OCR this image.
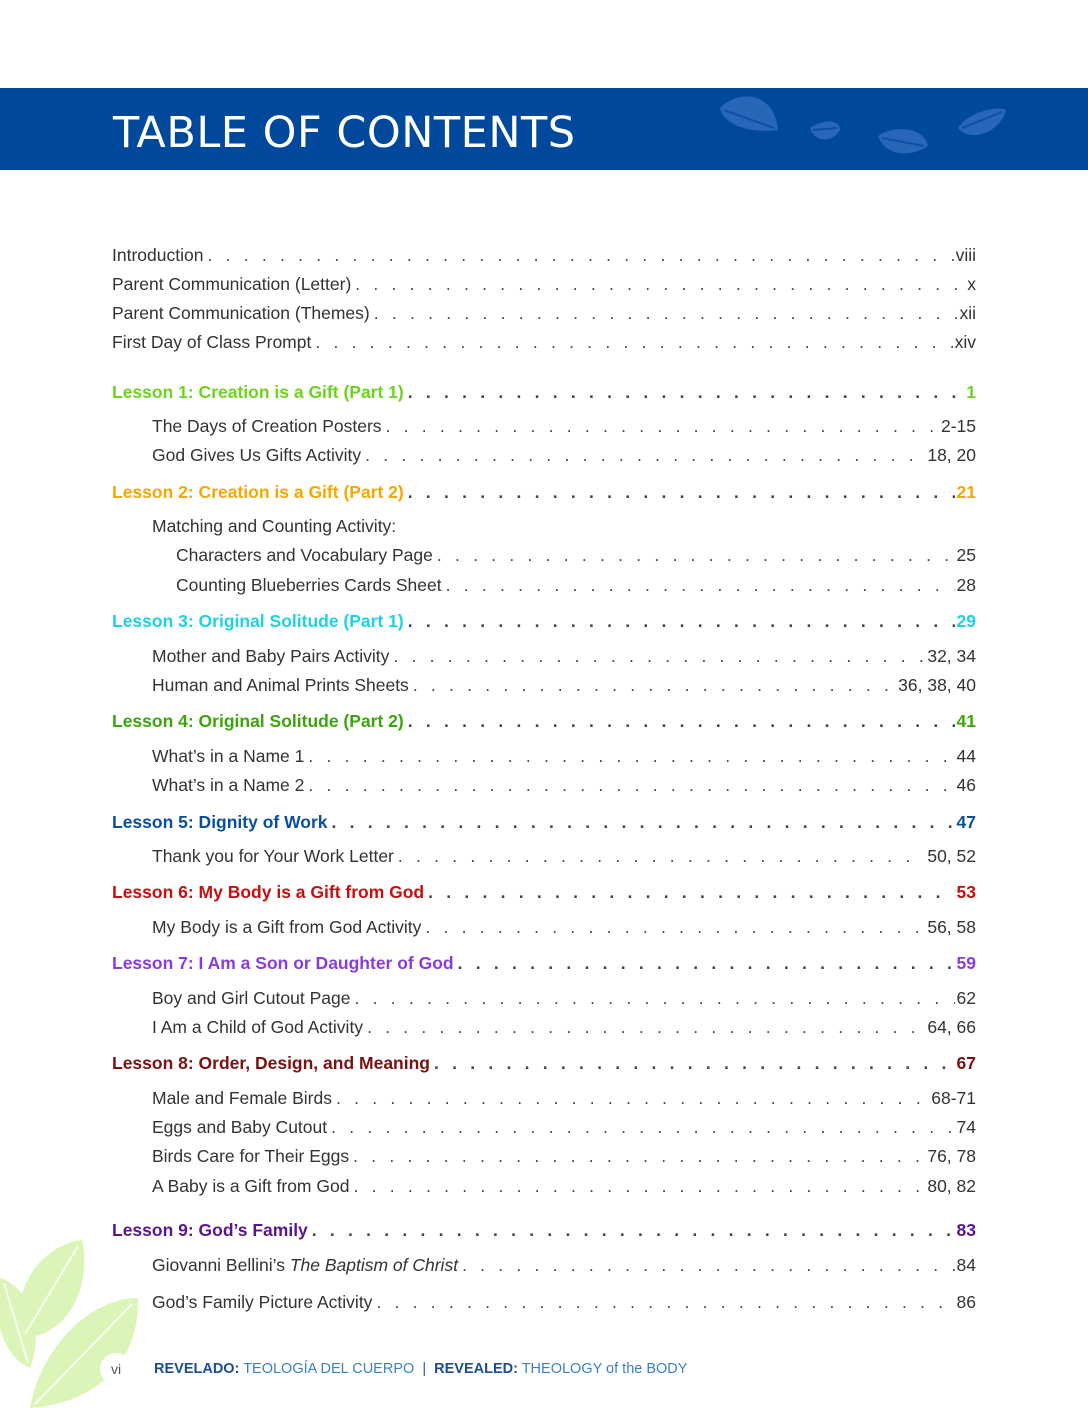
TABLE OF CONTENTS
Introduction . . .	viii
Parent Communication (Letter) . . .	x
Parent Communication (Themes) . . .	xii
First Day of Class Prompt . . .	xiv
Lesson 1: Creation is a Gift (Part 1) . . .	1
The Days of Creation Posters . . .	2-15
God Gives Us Gifts Activity . . .	18, 20
Lesson 2: Creation is a Gift (Part 2) . . .	21
Matching and Counting Activity:
Characters and Vocabulary Page . . .	25
Counting Blueberries Cards Sheet . . .	28
Lesson 3: Original Solitude (Part 1) . . .	29
Mother and Baby Pairs Activity . . .	32, 34
Human and Animal Prints Sheets . . .	36, 38, 40
Lesson 4: Original Solitude (Part 2) . . .	41
What’s in a Name 1 . . .	44
What’s in a Name 2 . . .	46
Lesson 5: Dignity of Work . . .	47
Thank you for Your Work Letter . . .	50, 52
Lesson 6: My Body is a Gift from God . . .	53
My Body is a Gift from God Activity . . .	56, 58
Lesson 7: I Am a Son or Daughter of God . . .	59
Boy and Girl Cutout Page . . .	62
I Am a Child of God Activity . . .	64, 66
Lesson 8: Order, Design, and Meaning . . .	67
Male and Female Birds . . .	68-71
Eggs and Baby Cutout . . .	74
Birds Care for Their Eggs . . .	76, 78
A Baby is a Gift from God . . .	80, 82
Lesson 9: God’s Family . . .	83
Giovanni Bellini’s The Baptism of Christ . . .	84
God’s Family Picture Activity . . .	86
vi	REVELADO: TEOLOGÍA DEL CUERPO | REVEALED: THEOLOGY of the BODY
